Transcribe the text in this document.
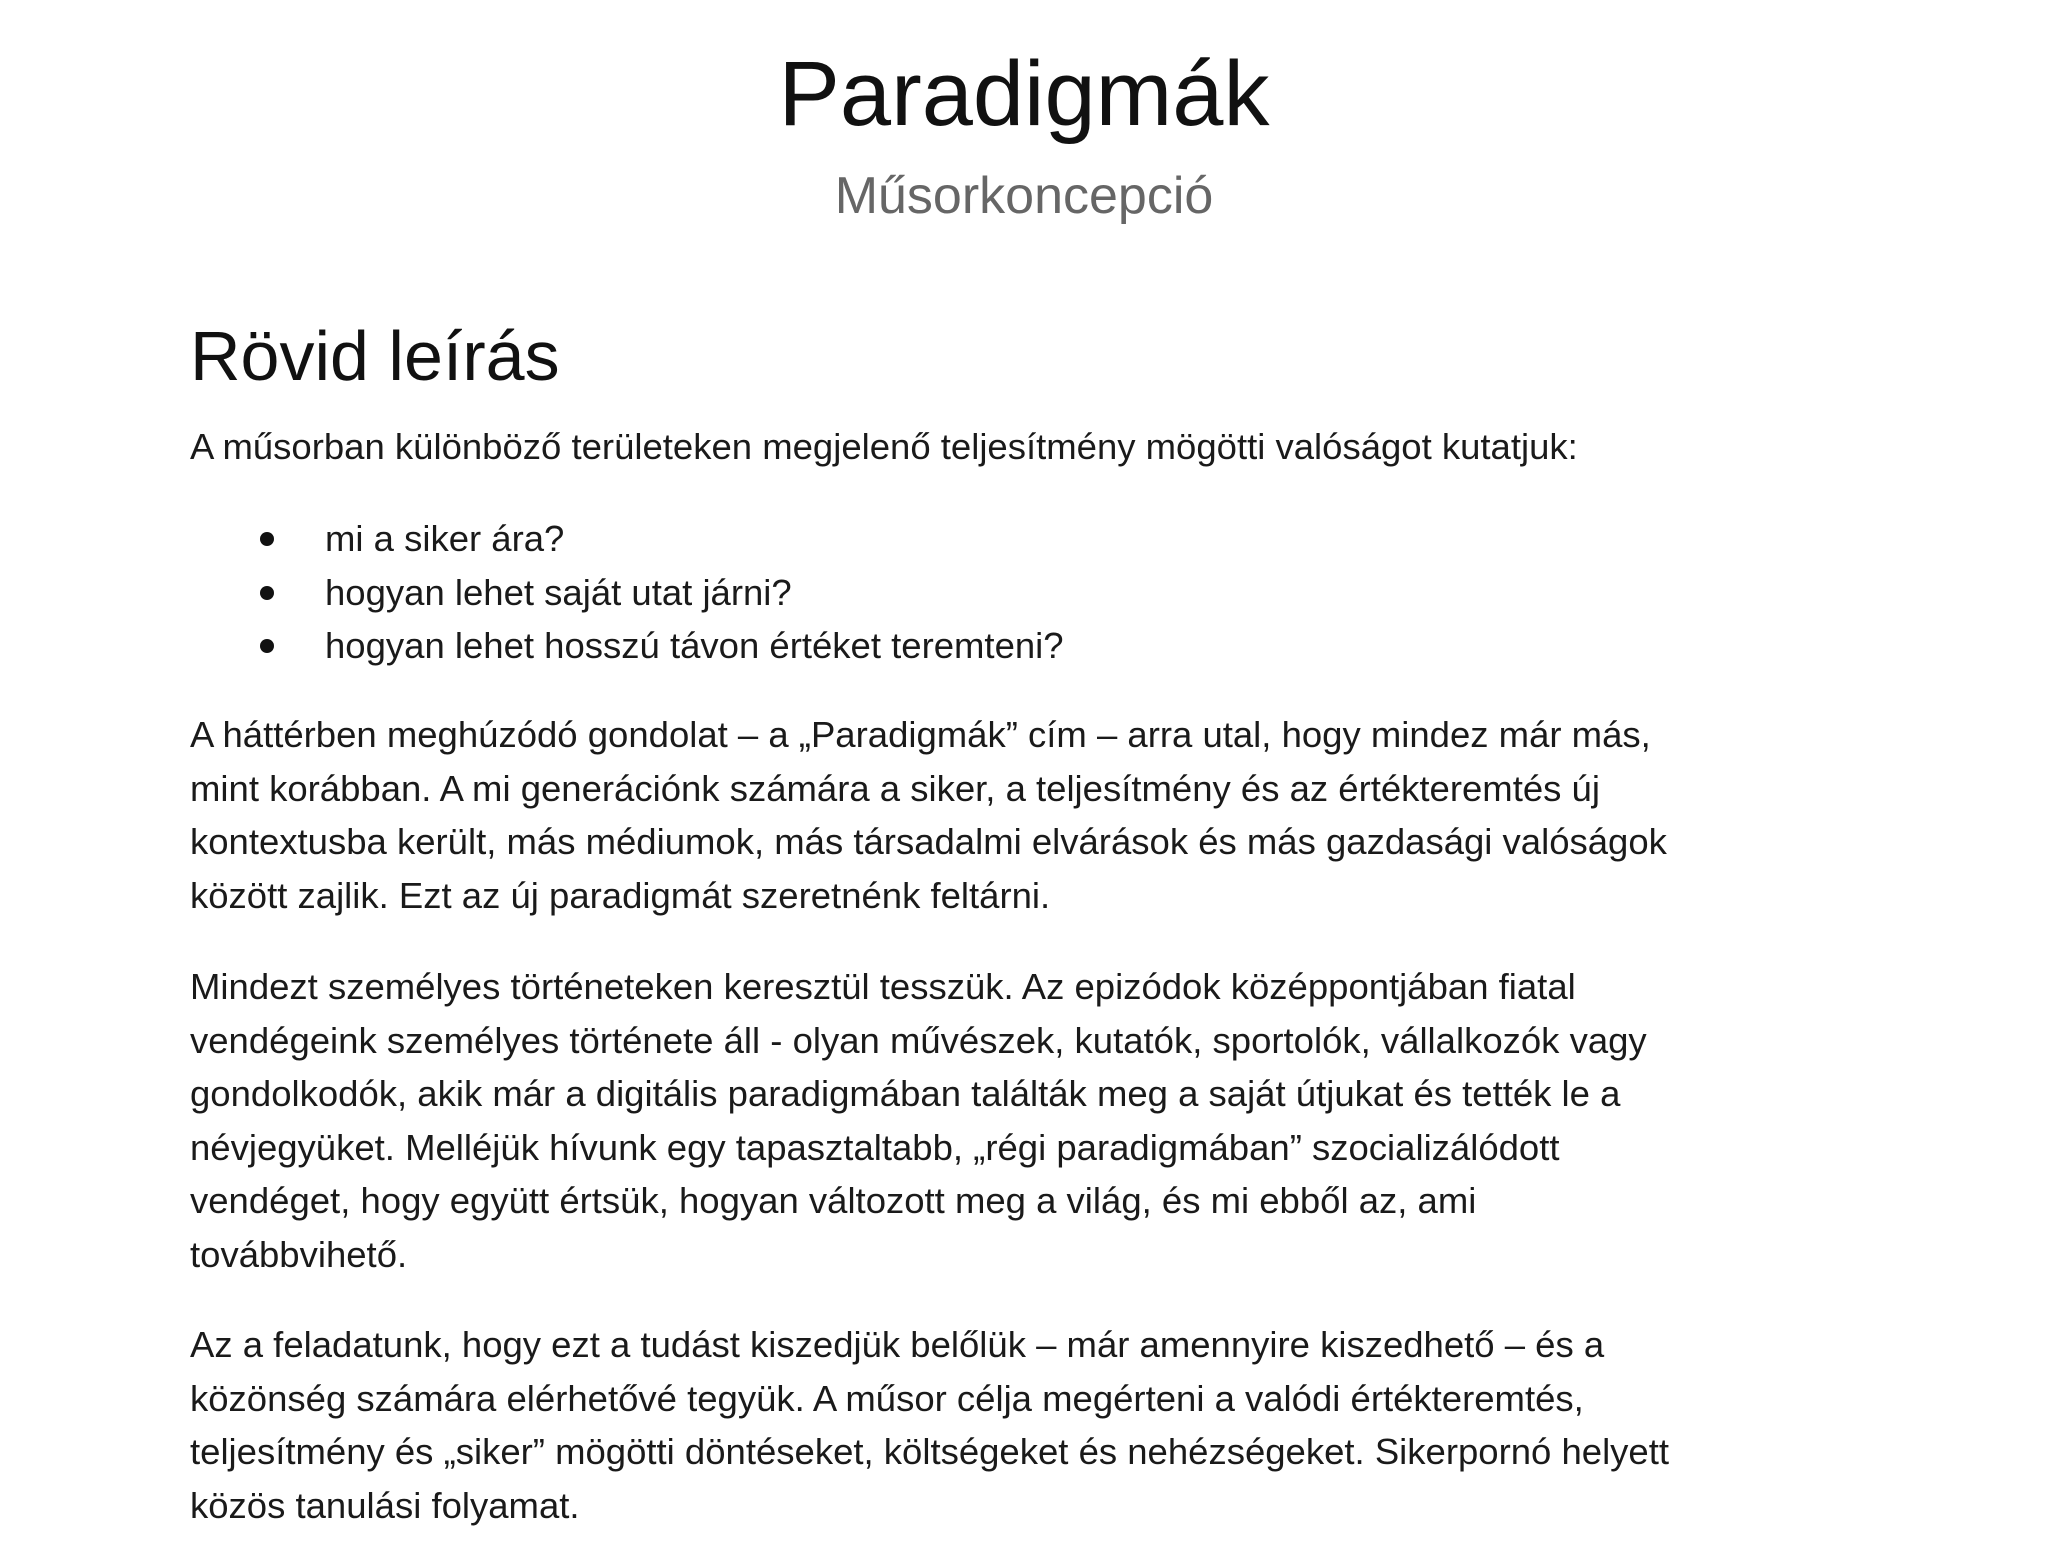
Paradigmák
Műsorkoncepció
Rövid leírás

A műsorban különböző területeken megjelenő teljesítmény mögötti valóságot kutatjuk:

mi a siker ára?
hogyan lehet saját utat járni?
hogyan lehet hosszú távon értéket teremteni?

A háttérben meghúzódó gondolat – a „Paradigmák” cím – arra utal, hogy mindez már más,
mint korábban. A mi generációnk számára a siker, a teljesítmény és az értékteremtés új
kontextusba került, más médiumok, más társadalmi elvárások és más gazdasági valóságok
között zajlik. Ezt az új paradigmát szeretnénk feltárni.

Mindezt személyes történeteken keresztül tesszük. Az epizódok középpontjában fiatal
vendégeink személyes története áll - olyan művészek, kutatók, sportolók, vállalkozók vagy
gondolkodók, akik már a digitális paradigmában találták meg a saját útjukat és tették le a
névjegyüket. Melléjük hívunk egy tapasztaltabb, „régi paradigmában” szocializálódott
vendéget, hogy együtt értsük, hogyan változott meg a világ, és mi ebből az, ami
továbbvihető.

Az a feladatunk, hogy ezt a tudást kiszedjük belőlük – már amennyire kiszedhető – és a
közönség számára elérhetővé tegyük. A műsor célja megérteni a valódi értékteremtés,
teljesítmény és „siker” mögötti döntéseket, költségeket és nehézségeket. Sikerpornó helyett
közös tanulási folyamat.
